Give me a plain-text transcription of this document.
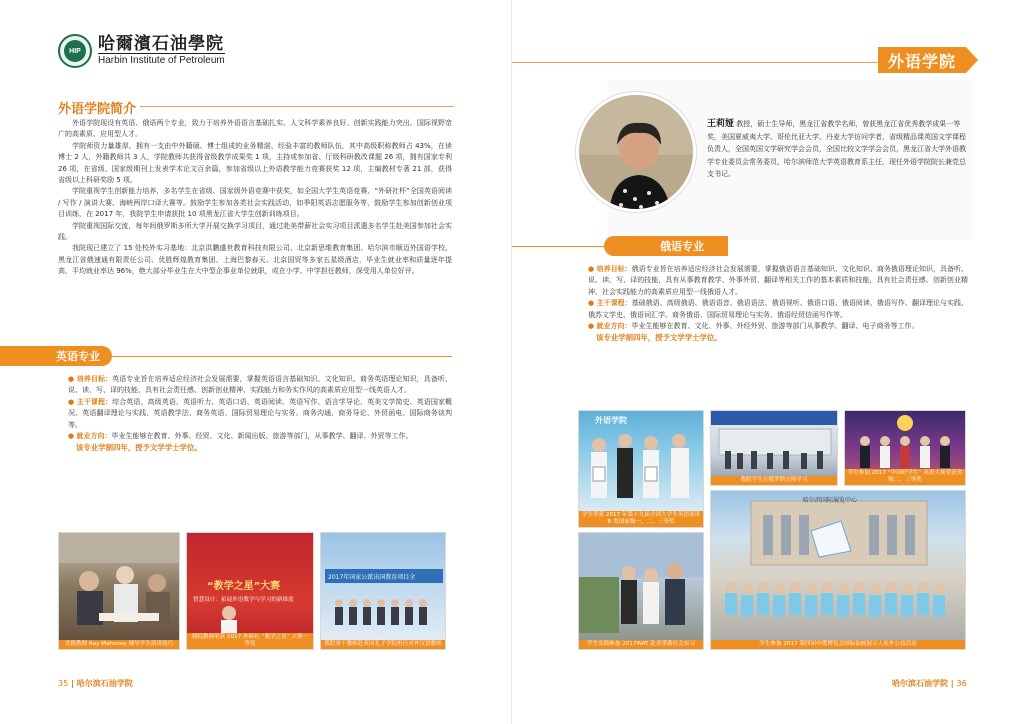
HIP	哈爾濱石油學院
Harbin Institute of Petroleum
外语学院简介

外语学院现设有英语、俄语两个专业，致力于培养外语语言基础扎实、人文科学素养良好、创新实践能力突出、国际视野宽广的高素质、应用型人才。

学院师资力量雄厚，拥有一支由中外籍硕、博士组成的业务精湛、经验丰富的教师队伍，其中高级职称教师占 43%，在读博士 2 人，外籍教师共 3 人，学院教师共获得省级教学成果奖 1 项，主持或参加省、厅级科研教改课题 26 项，拥有国家专利 26 项，在省级、国家级期刊上发表学术论文百余篇，参加省级以上外语教学能力竞赛获奖 12 项，主编教材专著 21 部，获得省级以上科研奖励 5 项。

学院重视学生创新能力培养，多名学生在省级、国家级外语竞赛中获奖，如全国大学生英语竞赛、“外研社杯”全国英语阅读 / 写作 / 演讲大赛、海峡两岸口译大赛等。鼓励学生参加各类社会实践活动，如季阳英语志愿服务等，鼓励学生参加创新创业项目训练，在 2017 年，我院学生申请获批 10 项黑龙江省大学生创新训练项目。

学院重视国际交流，每年间俄罗斯多所大学开展交换学习项目，通过赴美带薪社会实习项目派遣多名学生赴美国参加社会实践。

我院现已建立了 15 处校外实习基地：北京洪鹏盛世教育科技有限公司、北京新思维教育集团、哈尔滨市顺迈外国语学校、黑龙江省俄速通有限责任公司、优胜辉煌教育集团、上海巴黎春天、北京国贸等多家五星级酒店，毕业生就业率和质量逐年提高，平均就业率达 96%，绝大部分毕业生在大中型企事业单位就职，或在小学、中学担任教师，深受用人单位好评。

英语专业
● 培养目标：英语专业旨在培养适应经济社会发展需要，掌握英语语言基础知识、文化知识、商务英语理论知识，具备听、说、读、写、译的技能，具有社会责任感、创新创业精神、实践能力和务实作风的高素质应用型一线英语人才。
● 主干课程：综合英语、高级英语、英语听力、英语口语、英语阅读、英语写作、语言学导论、英美文学简史、英语国家概况、英语翻译理论与实践、英语教学法、商务英语、国际贸易理论与实务、商务沟通、商务导论、外贸函电、国际商务谈判等。
● 就业方向：毕业生能够在教育、外事、经贸、文化、新闻出版、旅游等部门，从事教学、翻译、外贸等工作。
该专业学制四年，授予文学学士学位。
美籍教师 Ray Mahoney 辅导学生演讲技巧
“教学之星”大赛
智慧设计：拓展外语教学与学习的新维度
我院教师荣获 2017 外研社 “教学之星” 大赛一等奖
2017年国家公派出国教育项目全
我院骨干教师赴英国孔子学院担任对外汉语教师
35 | 哈尔滨石油学院
外语学院
王莉娅 教授，硕士生导师，黑龙江省教学名师，曾获黑龙江省优秀教学成果一等奖，美国夏威夷大学、哥伦比亚大学、丹麦大学访问学者，省级精品课英国文学课程负责人，全国英国文学研究学会会员，全国比较文学学会会员，黑龙江省大学外语教学专业委员会常务委员，哈尔滨师范大学英语教育系主任，现任外语学院院长兼党总支书记。
俄语专业
● 培养目标：俄语专业旨在培养适应经济社会发展需要，掌握俄语语言基础知识、文化知识、商务俄语理论知识，具备听、说、读、写、译的技能，具有从事教育教学、外事外贸、翻译等相关工作的基本素质和技能，具有社会责任感、创新创业精神、社会实践能力的高素质应用型一线俄语人才。
● 主干课程：基础俄语、高级俄语、俄语语音、俄语语法、俄语视听、俄语口语、俄语阅读、俄语写作、翻译理论与实践、俄苏文学史、俄语词汇学、商务俄语、国际贸易理论与实务、俄语经贸信函写作等。
● 就业方向：毕业生能够在教育、文化、外事、外经外贸、旅游等部门从事教学、翻译、电子商务等工作。
该专业学制四年，授予文学学士学位。
外语学院
学生荣获 2017 年第十九届全国大学生英语演讲 B 类国家级一、二、三等奖
我院学生在俄罗斯交换学习
学生参加 2017 “中国好学生” 英语大赛荣获省级二、三等奖
学生实践参加 2017WAT 赴美带薪社会实习
哈尔滨国际展览中心
学生参加 2017 第四届中俄博览会国际油画展万人徒步公益活动
哈尔滨石油学院 | 36
